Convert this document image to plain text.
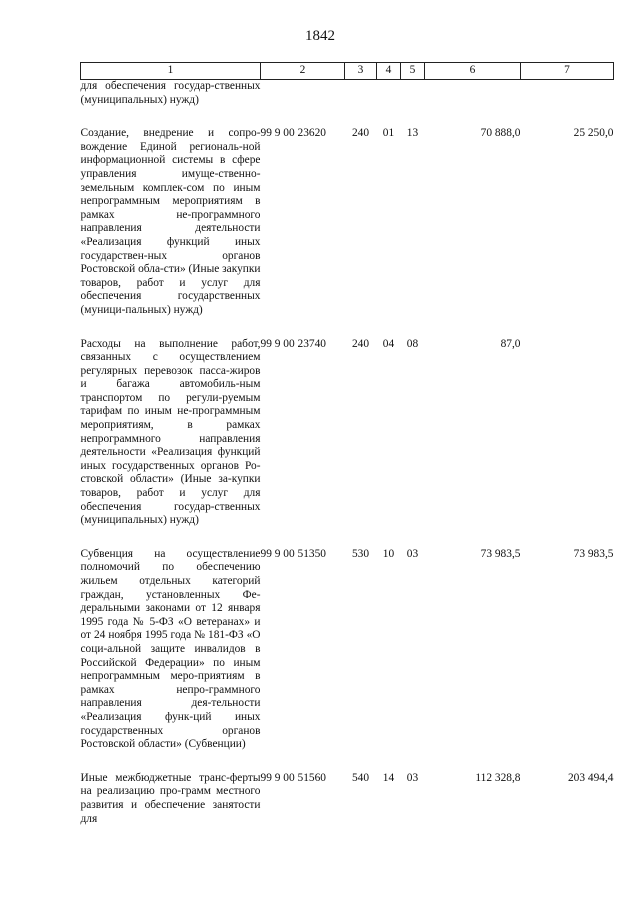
1842
1	2	3	4	5	6	7
для обеспечения государ-ственных (муниципальных) нужд)						

Создание, внедрение и сопро-вождение Единой региональ-ной информационной системы в сфере управления имуще-ственно-земельным комплек-сом по иным непрограммным мероприятиям в рамках не-программного направления деятельности «Реализация функций иных государствен-ных органов Ростовской обла-сти» (Иные закупки товаров, работ и услуг для обеспечения государственных (муници-пальных) нужд)	99 9 00 23620	240	01	13	70 888,0	25 250,0

Расходы на выполнение работ, связанных с осуществлением регулярных перевозок пасса-жиров и багажа автомобиль-ным транспортом по регули-руемым тарифам по иным не-программным мероприятиям, в рамках непрограммного направления деятельности «Реализация функций иных государственных органов Ро-стовской области» (Иные за-купки товаров, работ и услуг для обеспечения государ-ственных (муниципальных) нужд)	99 9 00 23740	240	04	08	87,0	

Субвенция на осуществление полномочий по обеспечению жильем отдельных категорий граждан, установленных Фе-деральными законами от 12 января 1995 года № 5-ФЗ «О ветеранах» и от 24 ноября 1995 года № 181-ФЗ «О соци-альной защите инвалидов в Российской Федерации» по иным непрограммным меро-приятиям в рамках непро-граммного направления дея-тельности «Реализация функ-ций иных государственных органов Ростовской области» (Субвенции)	99 9 00 51350	530	10	03	73 983,5	73 983,5

Иные межбюджетные транс-ферты на реализацию про-грамм местного развития и обеспечение занятости для	99 9 00 51560	540	14	03	112 328,8	203 494,4
